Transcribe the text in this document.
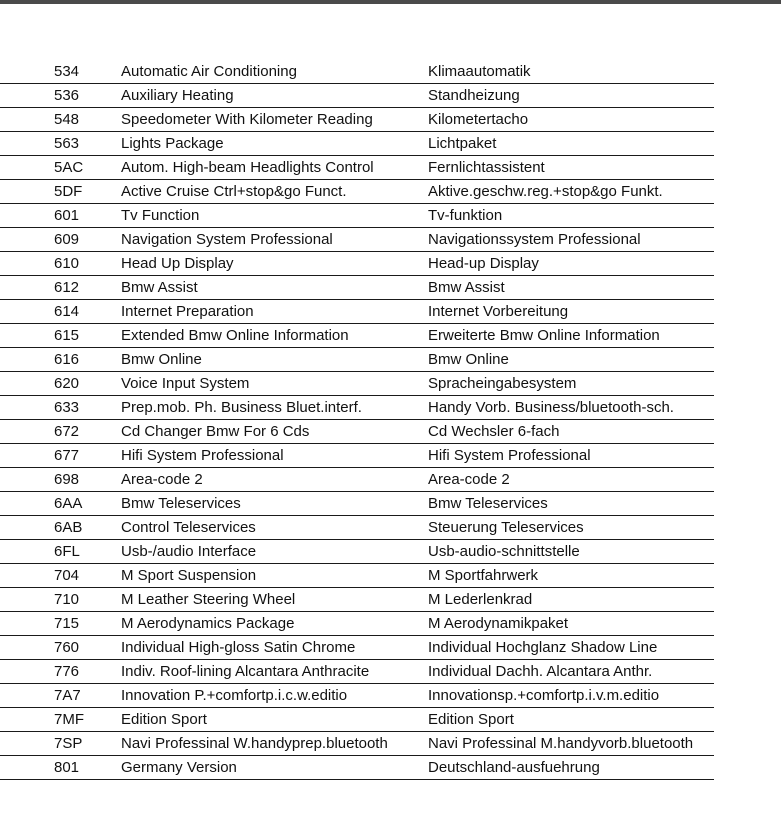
534	Automatic Air Conditioning	Klimaautomatik
536	Auxiliary Heating	Standheizung
548	Speedometer With Kilometer Reading	Kilometertacho
563	Lights Package	Lichtpaket
5AC	Autom. High-beam Headlights Control	Fernlichtassistent
5DF	Active Cruise Ctrl+stop&go Funct.	Aktive.geschw.reg.+stop&go Funkt.
601	Tv Function	Tv-funktion
609	Navigation System Professional	Navigationssystem Professional
610	Head Up Display	Head-up Display
612	Bmw Assist	Bmw Assist
614	Internet Preparation	Internet Vorbereitung
615	Extended Bmw Online Information	Erweiterte Bmw Online Information
616	Bmw Online	Bmw Online
620	Voice Input System	Spracheingabesystem
633	Prep.mob. Ph. Business Bluet.interf.	Handy Vorb. Business/bluetooth-sch.
672	Cd Changer Bmw For 6 Cds	Cd Wechsler 6-fach
677	Hifi System Professional	Hifi System Professional
698	Area-code 2	Area-code 2
6AA	Bmw Teleservices	Bmw Teleservices
6AB	Control Teleservices	Steuerung Teleservices
6FL	Usb-/audio Interface	Usb-audio-schnittstelle
704	M Sport Suspension	M Sportfahrwerk
710	M Leather Steering Wheel	M Lederlenkrad
715	M Aerodynamics Package	M Aerodynamikpaket
760	Individual High-gloss Satin Chrome	Individual Hochglanz Shadow Line
776	Indiv. Roof-lining Alcantara Anthracite	Individual Dachh. Alcantara Anthr.
7A7	Innovation P.+comfortp.i.c.w.editio	Innovationsp.+comfortp.i.v.m.editio
7MF Edition Sport	Edition Sport
7SP	Navi Professinal W.handyprep.bluetooth	Navi Professinal M.handyvorb.bluetooth
801	Germany Version	Deutschland-ausfuehrung
